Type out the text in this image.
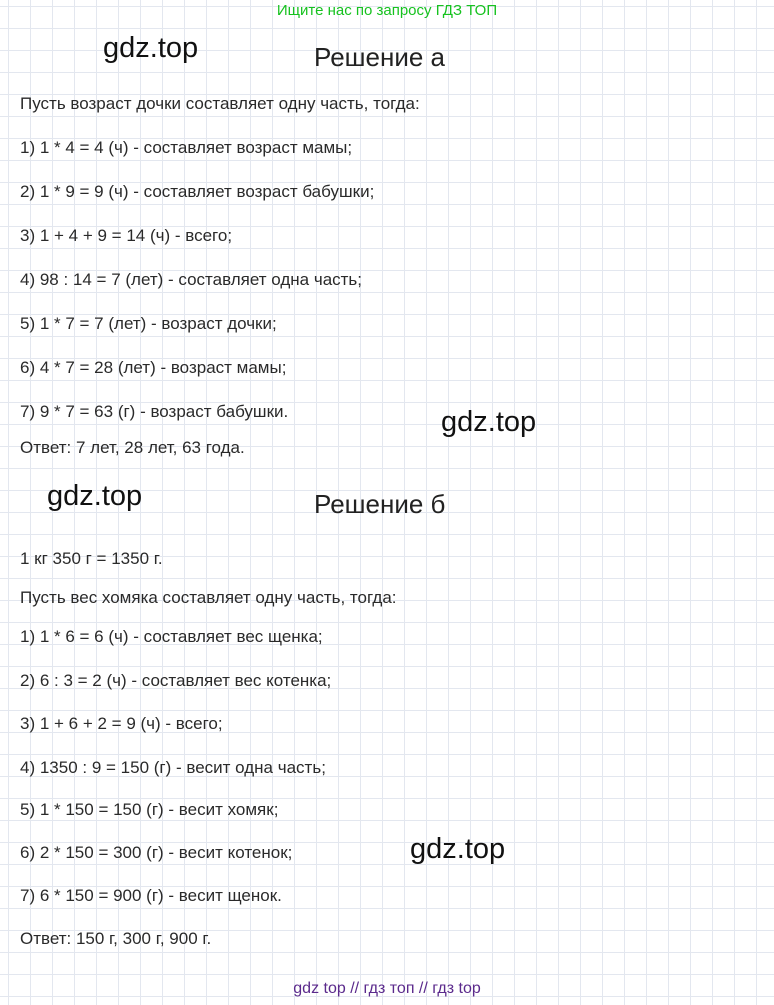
Ищите нас по запросу ГДЗ ТОП
gdz.top	Решение а
Пусть возраст дочки составляет одну часть, тогда:
1) 1 * 4 = 4 (ч) - составляет возраст мамы;
2) 1 * 9 = 9 (ч) - составляет возраст бабушки;
3) 1 + 4 + 9 = 14 (ч) - всего;
4) 98 : 14 = 7 (лет) - составляет одна часть;
5) 1 * 7 = 7 (лет) - возраст дочки;
6) 4 * 7 = 28 (лет) - возраст мамы;
7) 9 * 7 = 63 (г) - возраст бабушки.
Ответ: 7 лет, 28 лет, 63 года.
gdz.top
gdz.top	Решение б
1 кг 350 г = 1350 г.
Пусть вес хомяка составляет одну часть, тогда:
1) 1 * 6 = 6 (ч) - составляет вес щенка;
2) 6 : 3 = 2 (ч) - составляет вес котенка;
3) 1 + 6 + 2 = 9 (ч) - всего;
4) 1350 : 9 = 150 (г) - весит одна часть;
5) 1 * 150 = 150 (г) - весит хомяк;
6) 2 * 150 = 300 (г) - весит котенок;
7) 6 * 150 = 900 (г) - весит щенок.
Ответ: 150 г, 300 г, 900 г.
gdz.top
gdz top // гдз топ // гдз top
